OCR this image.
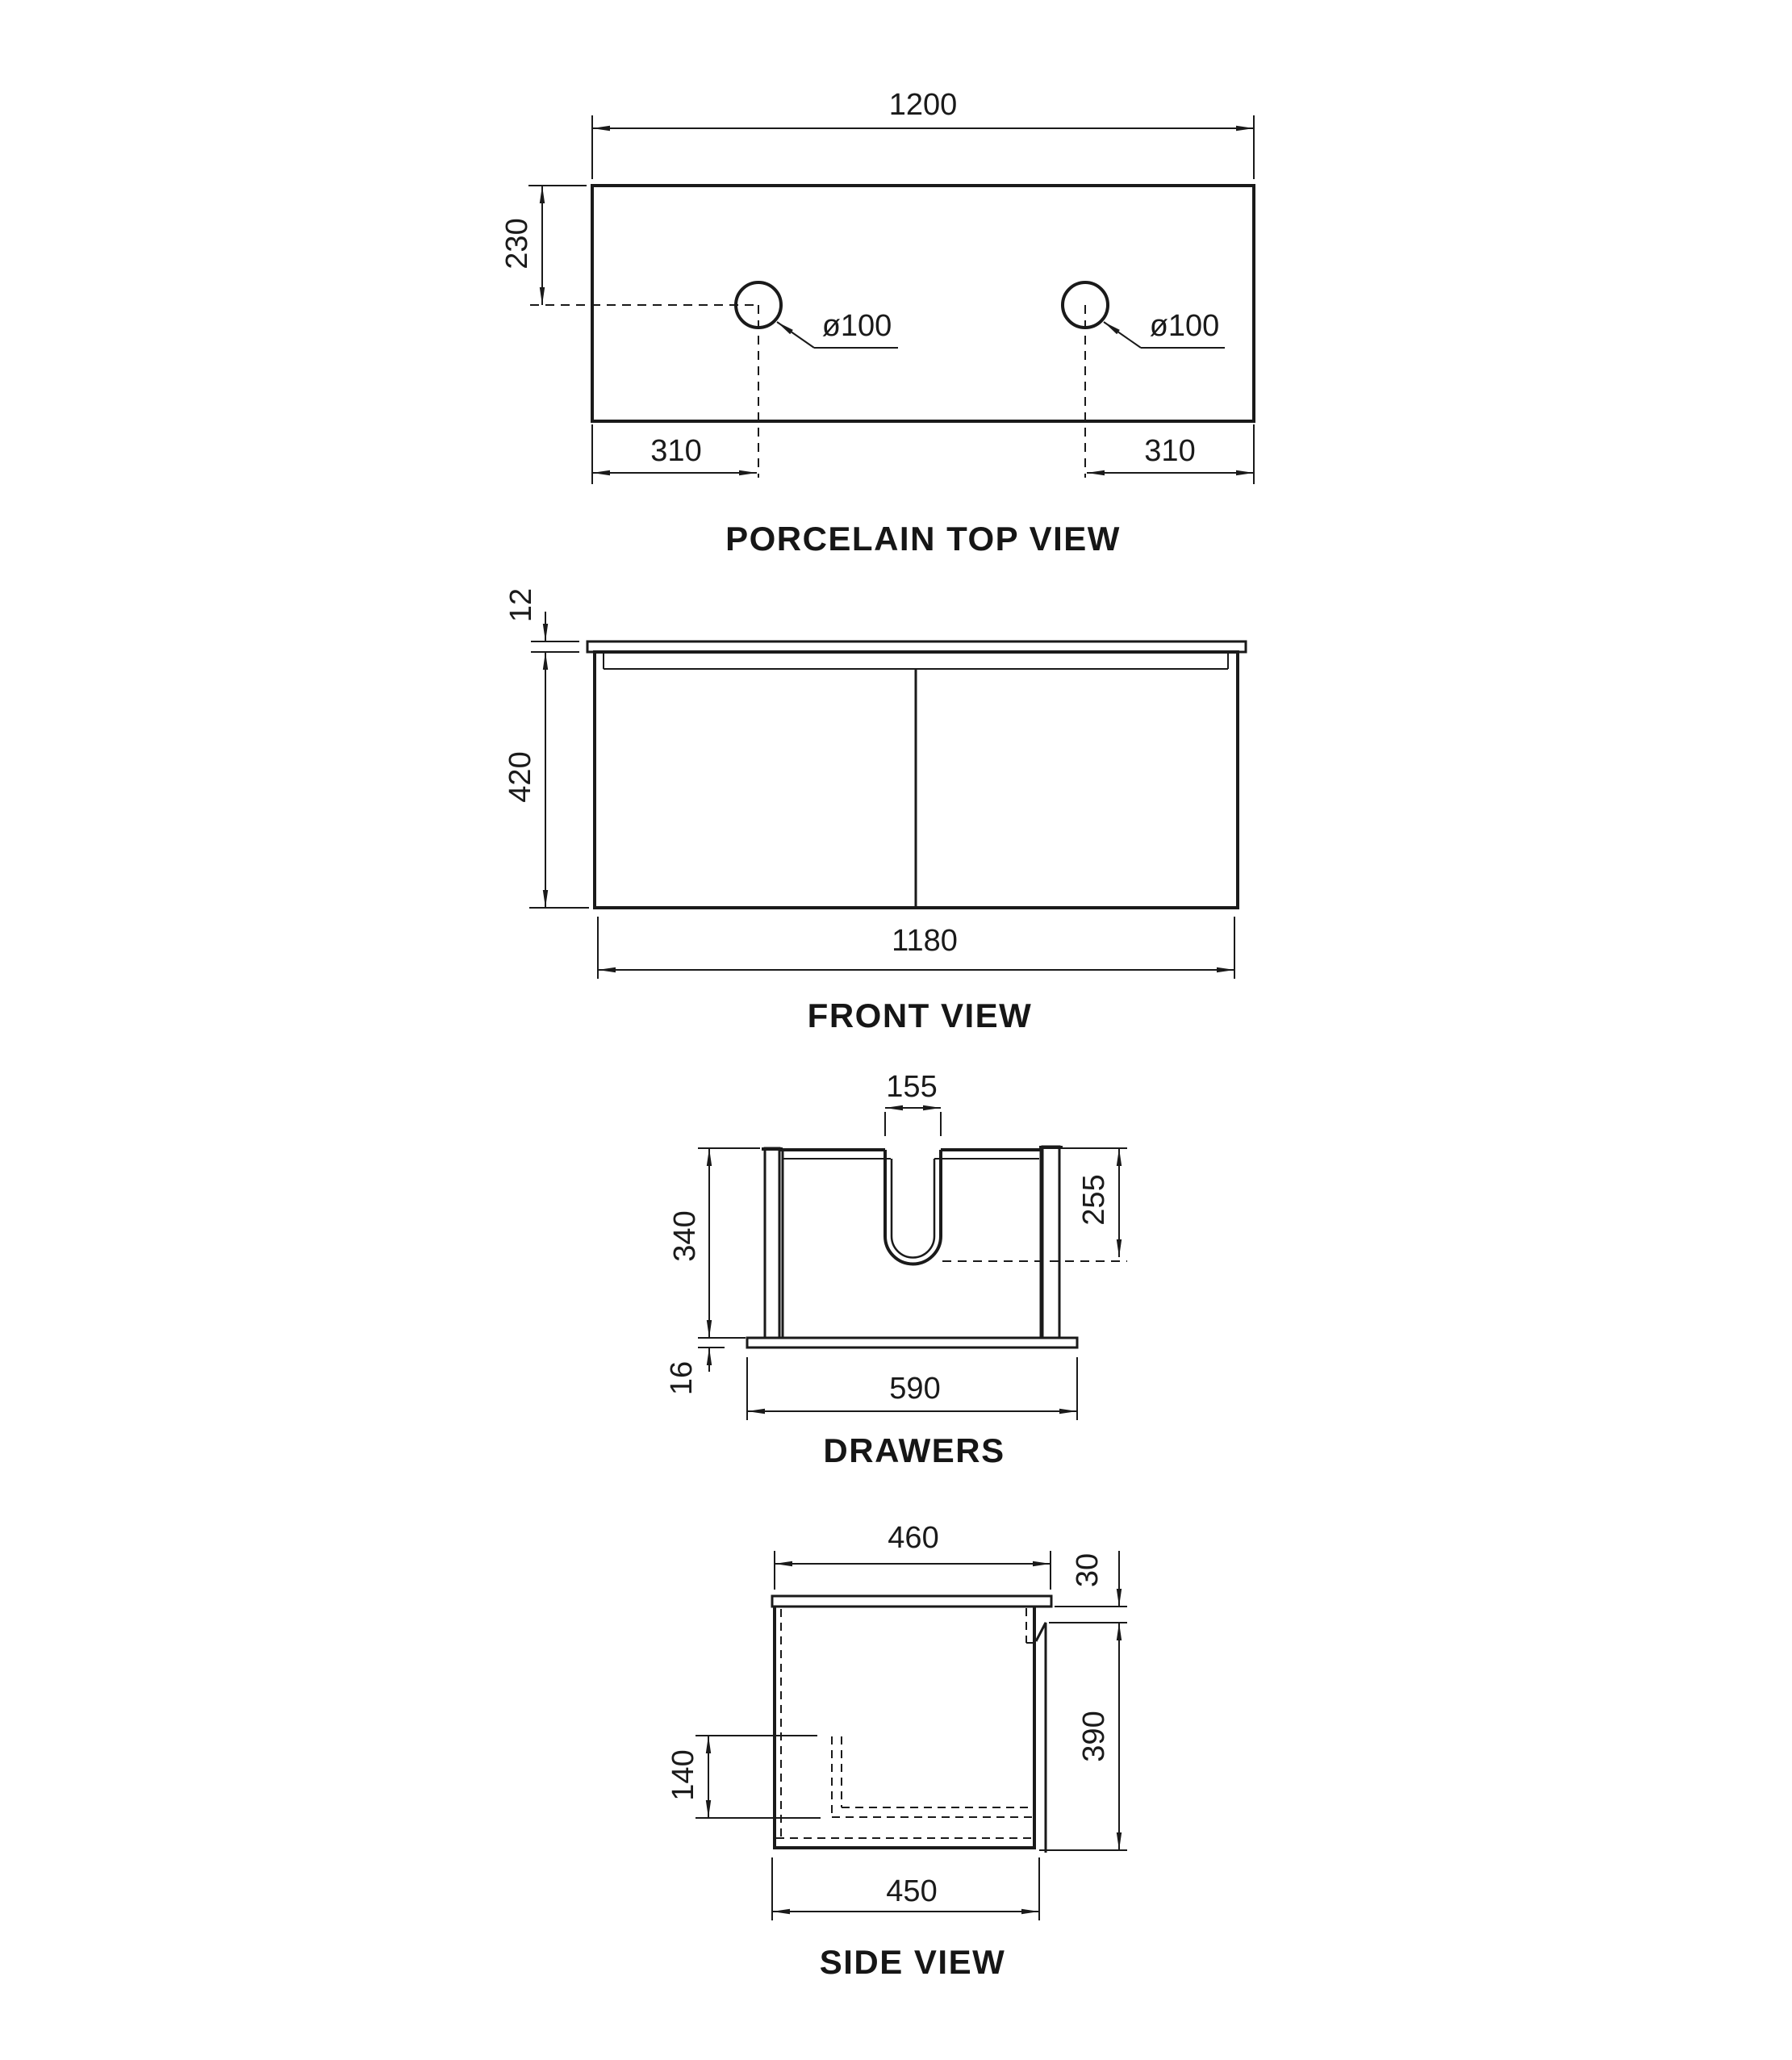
1200
230
ø100	ø100
310	310
PORCELAIN TOP VIEW
12
420
1180
FRONT VIEW
155
255
340
16	590
DRAWERS
460
30
390
140
450
SIDE VIEW
